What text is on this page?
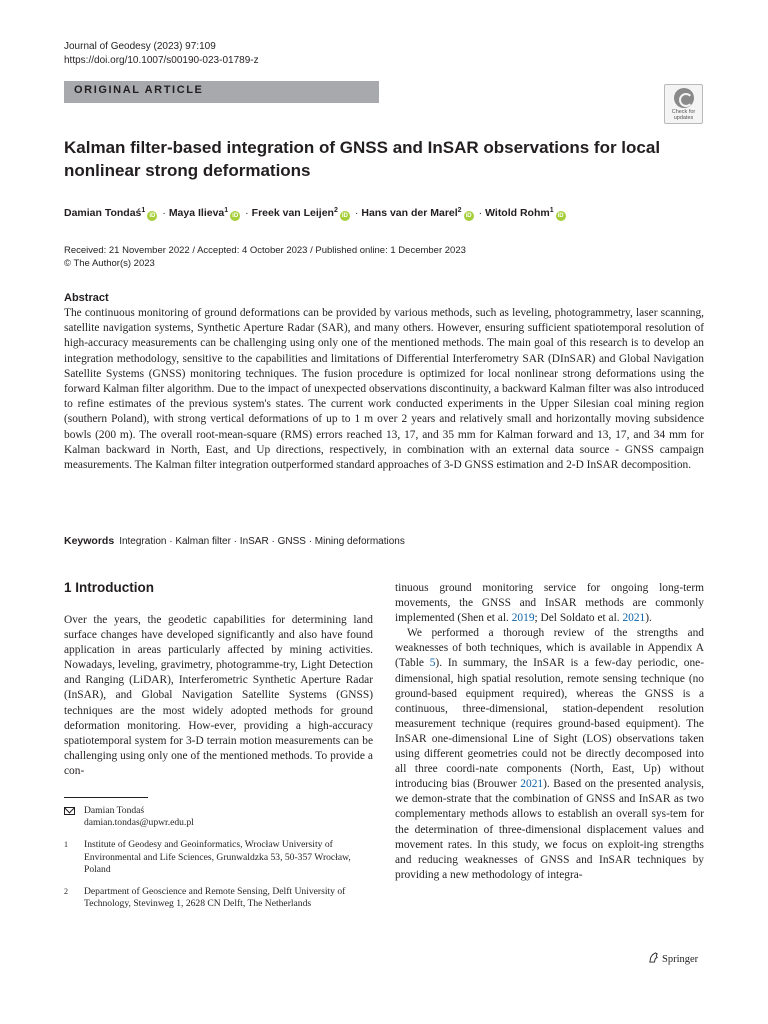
Journal of Geodesy (2023) 97:109
https://doi.org/10.1007/s00190-023-01789-z
ORIGINAL ARTICLE
Check for updates
Kalman filter-based integration of GNSS and InSAR observations for local nonlinear strong deformations
Damian Tondaś$^1$iD · Maya Ilieva$^1$iD · Freek van Leijen$^2$iD · Hans van der Marel$^2$iD · Witold Rohm$^1$iD
Received: 21 November 2022 / Accepted: 4 October 2023 / Published online: 1 December 2023
© The Author(s) 2023
Abstract

The continuous monitoring of ground deformations can be provided by various methods, such as leveling, photogrammetry, laser scanning, satellite navigation systems, Synthetic Aperture Radar (SAR), and many others. However, ensuring sufficient spatiotemporal resolution of high-accuracy measurements can be challenging using only one of the mentioned methods. The main goal of this research is to develop an integration methodology, sensitive to the capabilities and limitations of Differential Interferometry SAR (DInSAR) and Global Navigation Satellite Systems (GNSS) monitoring techniques. The fusion procedure is optimized for local nonlinear strong deformations using the forward Kalman filter algorithm. Due to the impact of unexpected observations discontinuity, a backward Kalman filter was also introduced to refine estimates of the previous system's states. The current work conducted experiments in the Upper Silesian coal mining region (southern Poland), with strong vertical deformations of up to 1 m over 2 years and relatively small and horizontally moving subsidence bowls (200 m). The overall root-mean-square (RMS) errors reached 13, 17, and 35 mm for Kalman forward and 13, 17, and 34 mm for Kalman backward in North, East, and Up directions, respectively, in combination with an external data source - GNSS campaign measurements. The Kalman filter integration outperformed standard approaches of 3-D GNSS estimation and 2-D InSAR decomposition.

Keywords Integration · Kalman filter · InSAR · GNSS · Mining deformations
1 Introduction

Over the years, the geodetic capabilities for determining land surface changes have developed significantly and also have found application in areas particularly affected by mining activities. Nowadays, leveling, gravimetry, photogramme-try, Light Detection and Ranging (LiDAR), Interferometric Synthetic Aperture Radar (InSAR), and Global Navigation Satellite Systems (GNSS) techniques are the most widely adopted methods for ground deformation monitoring. How-ever, providing a high-accuracy spatiotemporal system for 3-D terrain motion measurements can be challenging using only one of the mentioned methods. To provide a con-

tinuous ground monitoring service for ongoing long-term movements, the GNSS and InSAR methods are commonly implemented (Shen et al. 2019; Del Soldato et al. 2021).

We performed a thorough review of the strengths and weaknesses of both techniques, which is available in Appendix A (Table 5). In summary, the InSAR is a few-day periodic, one-dimensional, high spatial resolution, remote sensing technique (no ground-based equipment required), whereas the GNSS is a continuous, three-dimensional, station-dependent resolution measurement technique (requires ground-based equipment). The InSAR one-dimensional Line of Sight (LOS) observations taken using different geometries could not be directly decomposed into all three coordi-nate components (North, East, Up) without introducing bias (Brouwer 2021). Based on the presented analysis, we demon-strate that the combination of GNSS and InSAR as two complementary methods allows to establish an overall sys-tem for the determination of three-dimensional displacement values and movement rates. In this study, we focus on exploit-ing strengths and reducing weaknesses of GNSS and InSAR techniques by providing a new methodology of integra-

Damian Tondaś
damian.tondas@upwr.edu.pl
1 Institute of Geodesy and Geoinformatics, Wrocław University of Environmental and Life Sciences, Grunwaldzka 53, 50-357 Wrocław, Poland
2 Department of Geoscience and Remote Sensing, Delft University of Technology, Stevinweg 1, 2628 CN Delft, The Netherlands
Springer
